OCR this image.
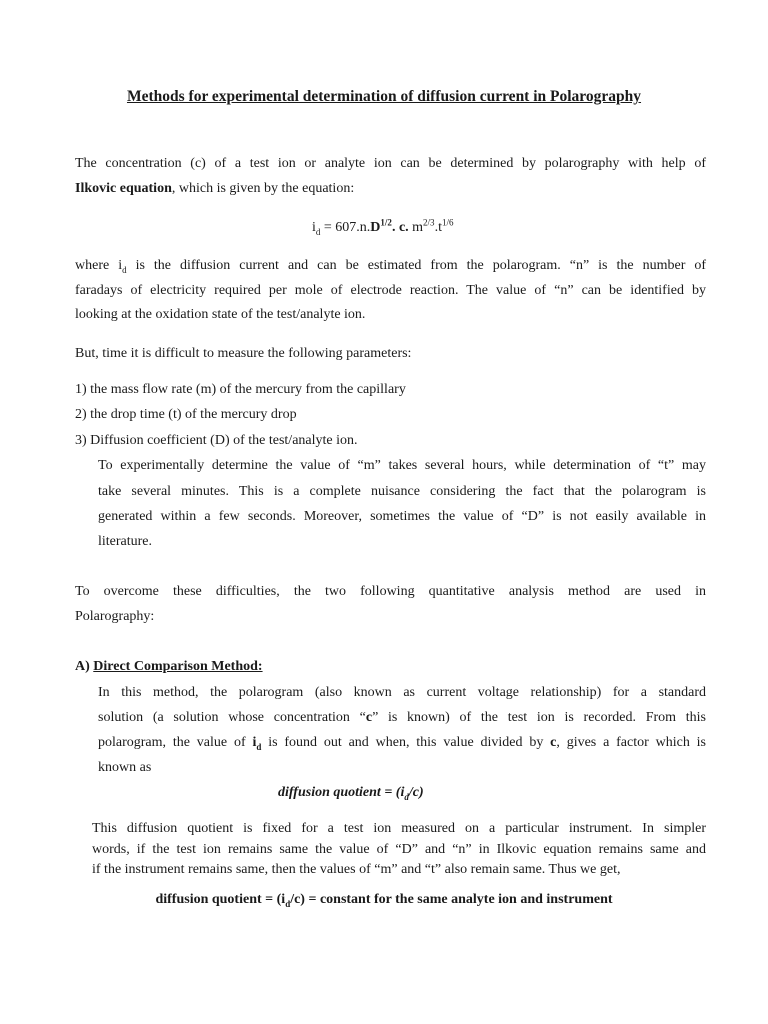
Methods for experimental determination of diffusion current in Polarography
The concentration (c) of a test ion or analyte ion can be determined by polarography with help of
Ilkovic equation, which is given by the equation:
$i_d = 607.n.D^{1/2}$. c. $m^{2/3}.t^{1/6}$
where $i_d$ is the diffusion current and can be estimated from the polarogram. “n” is the number of
faradays of electricity required per mole of electrode reaction. The value of “n” can be identified by
looking at the oxidation state of the test/analyte ion.
But, time it is difficult to measure the following parameters:
1) the mass flow rate (m) of the mercury from the capillary
2) the drop time (t) of the mercury drop
3) Diffusion coefficient (D) of the test/analyte ion.
To experimentally determine the value of “m” takes several hours, while determination of “t” may
take several minutes. This is a complete nuisance considering the fact that the polarogram is
generated within a few seconds. Moreover, sometimes the value of “D” is not easily available in
literature.
To overcome these difficulties, the two following quantitative analysis method are used in
Polarography:
A) Direct Comparison Method:
In this method, the polarogram (also known as current voltage relationship) for a standard
solution (a solution whose concentration “c” is known) of the test ion is recorded. From this
polarogram, the value of $i_d$ is found out and when, this value divided by c, gives a factor which is
known as
diffusion quotient = $(i_d/c)$
This diffusion quotient is fixed for a test ion measured on a particular instrument. In simpler
words, if the test ion remains same the value of “D” and “n” in Ilkovic equation remains same and
if the instrument remains same, then the values of “m” and “t” also remain same. Thus we get,
diffusion quotient = $(i_d/c)$ = constant for the same analyte ion and instrument
